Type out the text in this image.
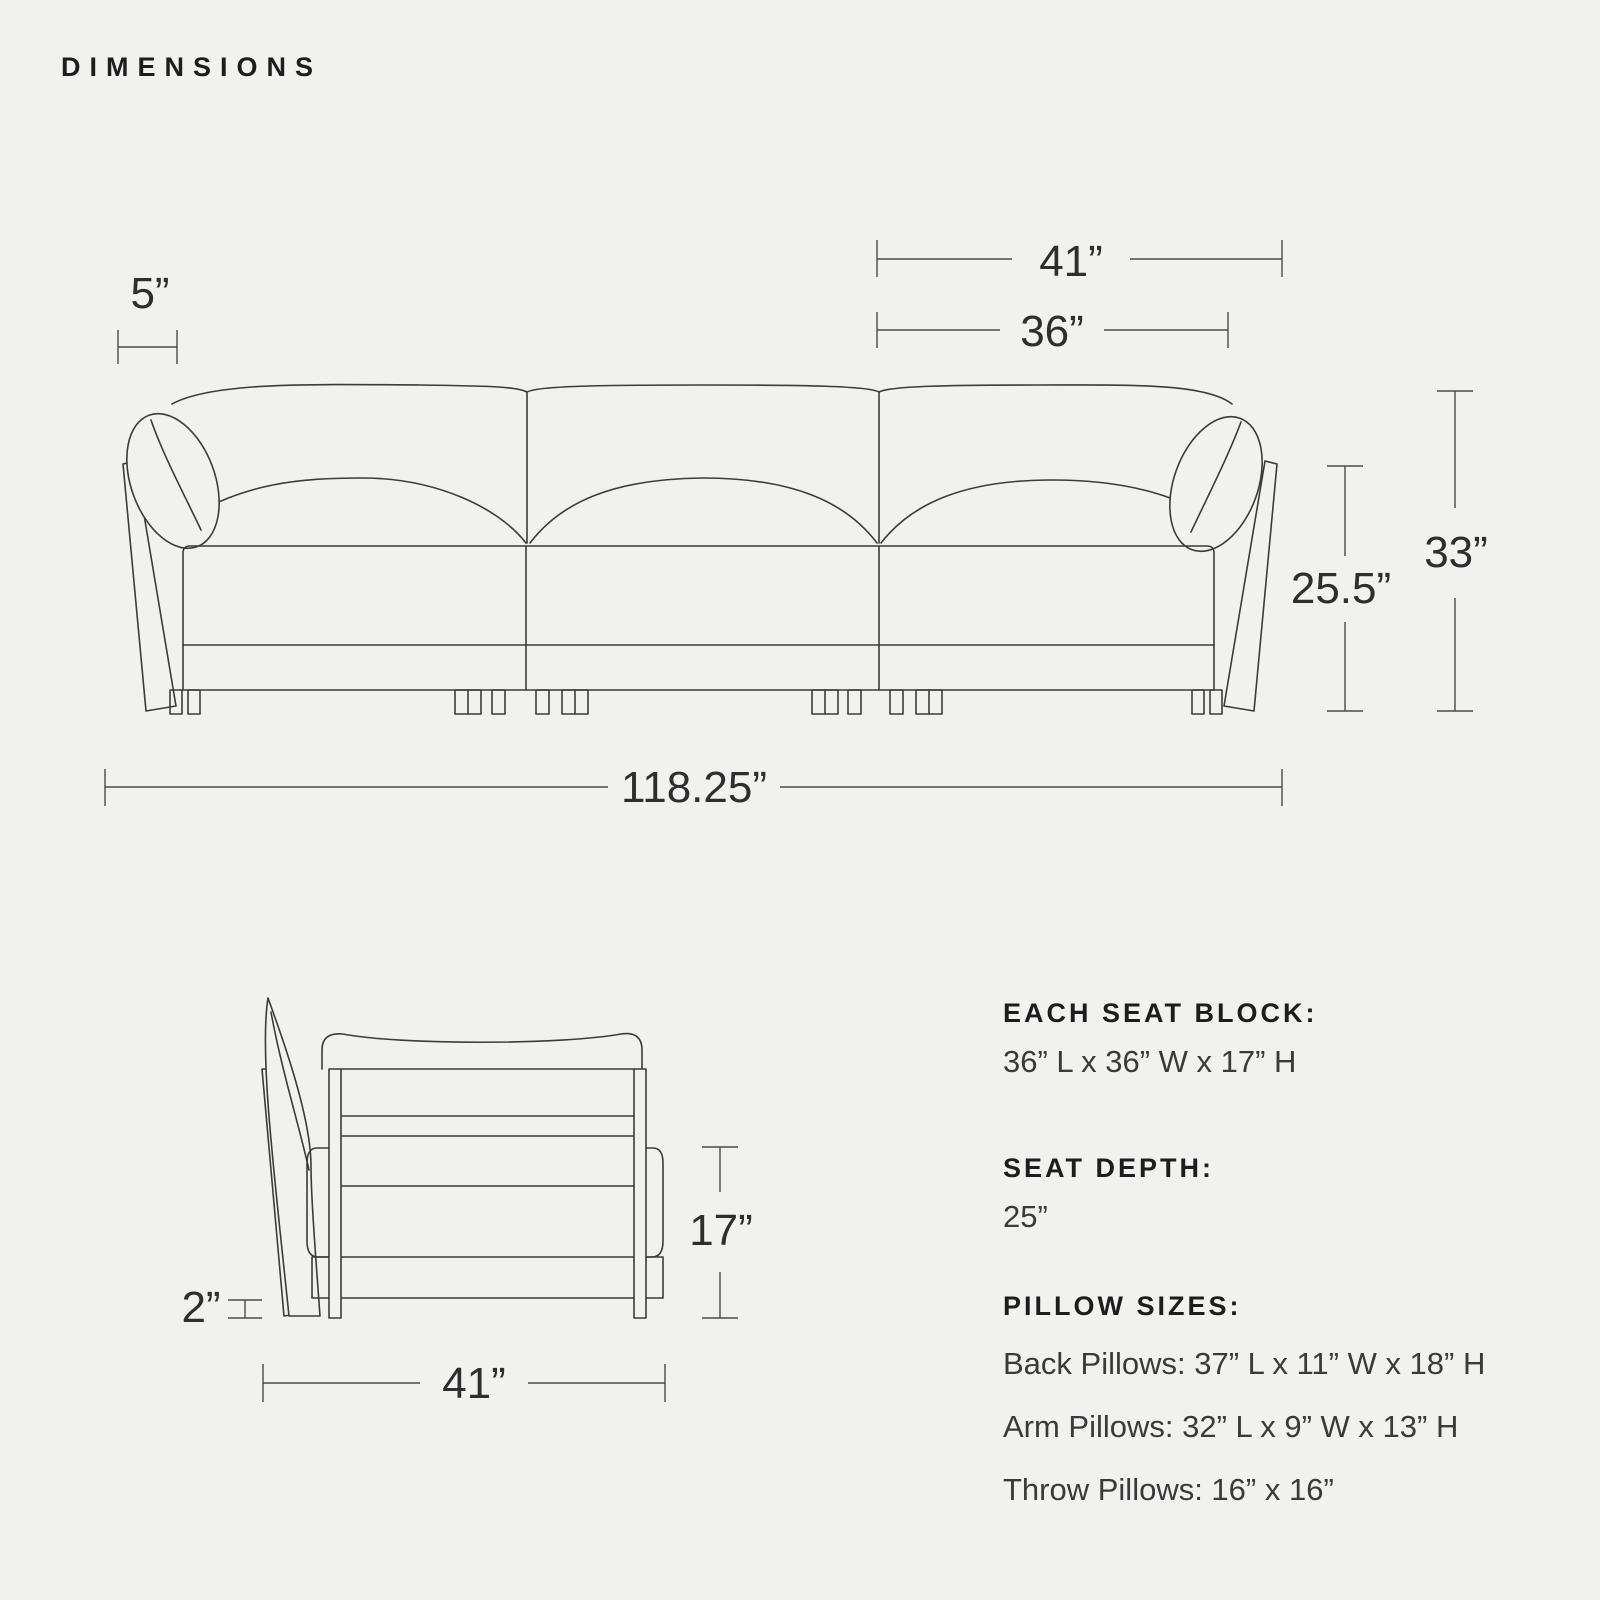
DIMENSIONS
5”
41”
36”
33”
25.5”
118.25”
2”
17”
41”
EACH SEAT BLOCK:
36” L x 36” W x 17” H
SEAT DEPTH:
25”
PILLOW SIZES:
Back Pillows: 37” L x 11” W x 18” H
Arm Pillows: 32” L x 9” W x 13” H
Throw Pillows: 16” x 16”
